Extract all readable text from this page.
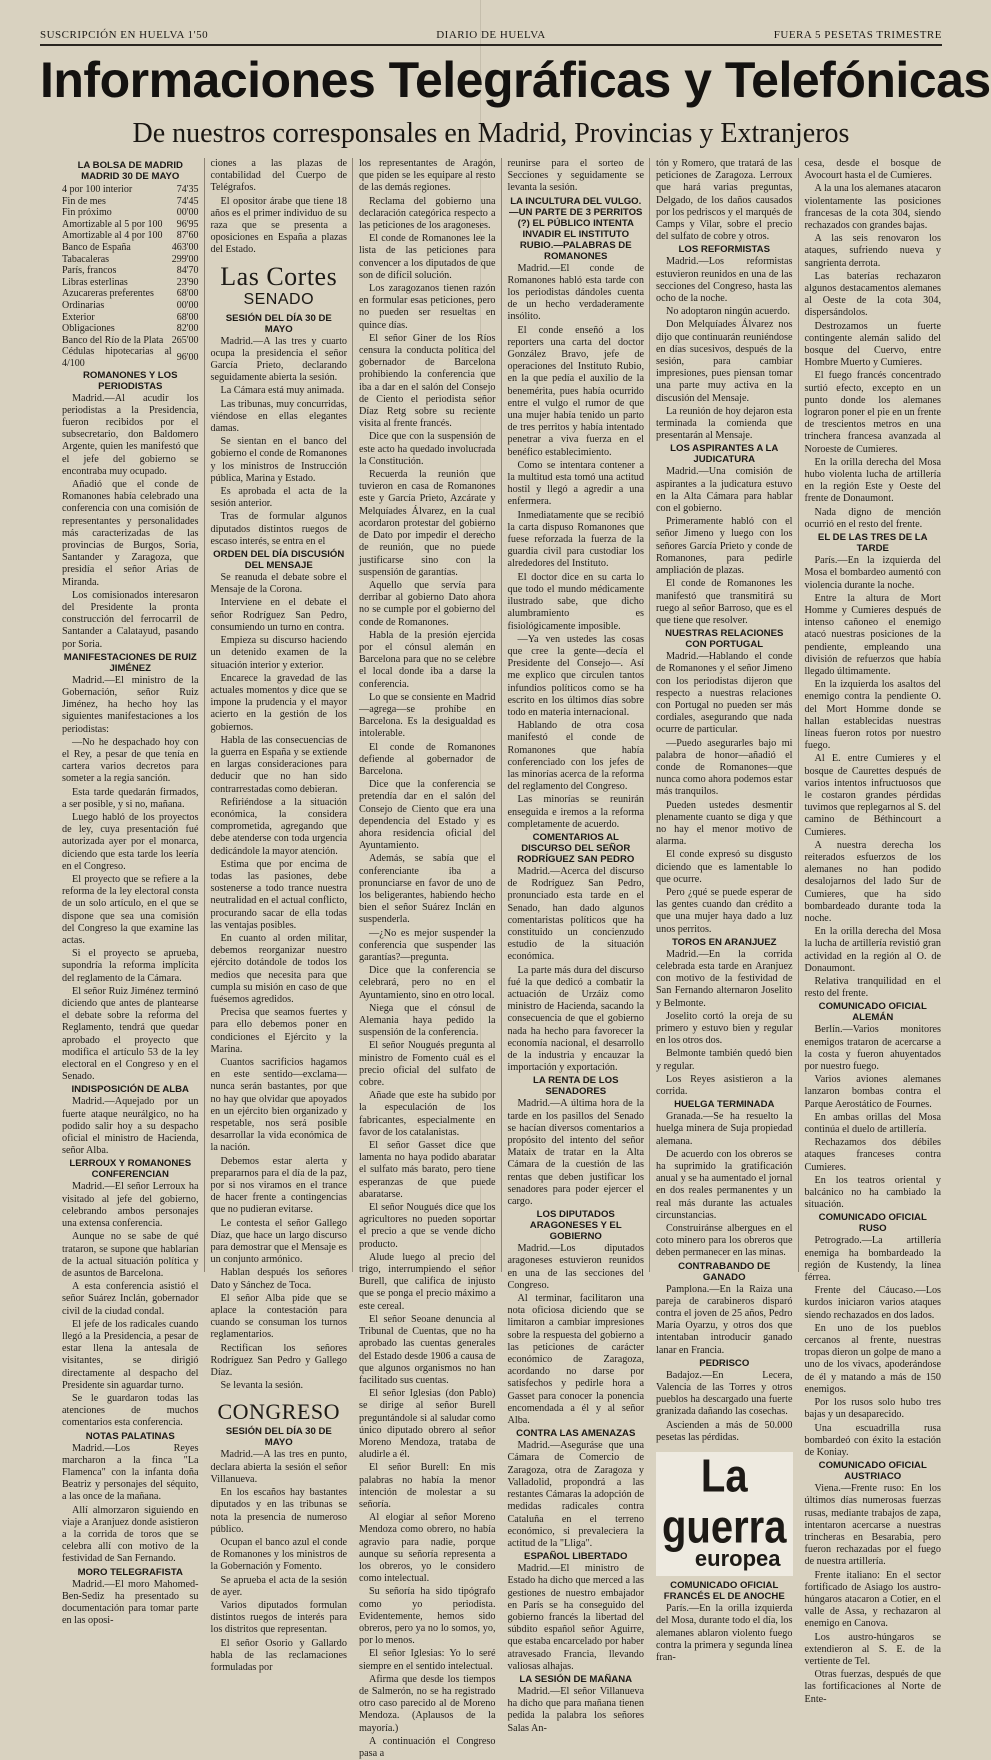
SUSCRIPCIÓN EN HUELVA 1'50	DIARIO DE HUELVA	FUERA 5 PESETAS TRIMESTRE
Informaciones Telegráficas y Telefónicas
De nuestros corresponsales en Madrid, Provincias y Extranjeros
LA BOLSA DE MADRID MADRID 30 DE MAYO
4 por 100 interior	74'35
Fin de mes	74'45
Fin próximo	00'00
Amortizable al 5 por 100	96'95
Amortizable al 4 por 100	87'60
Banco de España	463'00
Tabacaleras	299'00
París, francos	84'70
Libras esterlinas	23'90
Azucareras preferentes	68'00
Ordinarias	00'00
Exterior	68'00
Obligaciones	82'00
Banco del Río de la Plata	265'00
Cédulas hipotecarias al 4/100	96'00

ROMANONES Y LOS PERIODISTAS

Madrid.—Al acudir los periodistas a la Presidencia, fueron recibidos por el subsecretario, don Baldomero Argente, quien les manifestó que el jefe del gobierno se encontraba muy ocupado.

Añadió que el conde de Romanones había celebrado una conferencia con una comisión de representantes y personalidades más caracterizadas de las provincias de Burgos, Soria, Santander y Zaragoza, que presidía el señor Arias de Miranda.

Los comisionados interesaron del Presidente la pronta construcción del ferrocarril de Santander a Calatayud, pasando por Soria.

MANIFESTACIONES DE RUIZ JIMÉNEZ

Madrid.—El ministro de la Gobernación, señor Ruiz Jiménez, ha hecho hoy las siguientes manifestaciones a los periodistas:

—No he despachado hoy con el Rey, a pesar de que tenía en cartera varios decretos para someter a la regia sanción.

Esta tarde quedarán firmados, a ser posible, y si no, mañana.

Luego habló de los proyectos de ley, cuya presentación fué autorizada ayer por el monarca, diciendo que esta tarde los leería en el Congreso.

El proyecto que se refiere a la reforma de la ley electoral consta de un solo artículo, en el que se dispone que sea una comisión del Congreso la que examine las actas.

Si el proyecto se aprueba, supondría la reforma implícita del reglamento de la Cámara.

El señor Ruiz Jiménez terminó diciendo que antes de plantearse el debate sobre la reforma del Reglamento, tendrá que quedar aprobado el proyecto que modifica el artículo 53 de la ley electoral en el Congreso y en el Senado.

INDISPOSICIÓN DE ALBA

Madrid.—Aquejado por un fuerte ataque neurálgico, no ha podido salir hoy a su despacho oficial el ministro de Hacienda, señor Alba.

LERROUX Y ROMANONES CONFERENCIAN

Madrid.—El señor Lerroux ha visitado al jefe del gobierno, celebrando ambos personajes una extensa conferencia.

Aunque no se sabe de qué trataron, se supone que hablarían de la actual situación política y de asuntos de Barcelona.

A esta conferencia asistió el señor Suárez Inclán, gobernador civil de la ciudad condal.

El jefe de los radicales cuando llegó a la Presidencia, a pesar de estar llena la antesala de visitantes, se dirigió directamente al despacho del Presidente sin aguardar turno.

Se le guardaron todas las atenciones de muchos comentarios esta conferencia.

NOTAS PALATINAS

Madrid.—Los Reyes marcharon a la finca "La Flamenca" con la infanta doña Beatriz y personajes del séquito, a las once de la mañana.

Allí almorzaron siguiendo en viaje a Aranjuez donde asistieron a la corrida de toros que se celebra allí con motivo de la festividad de San Fernando.

MORO TELEGRAFISTA

Madrid.—El moro Mahomed-Ben-Sediz ha presentado su documentación para tomar parte en las oposi-

ciones a las plazas de contabilidad del Cuerpo de Telégrafos.

El opositor árabe que tiene 18 años es el primer individuo de su raza que se presenta a oposiciones en España a plazas del Estado.

Las Cortes
SENADO

SESIÓN DEL DÍA 30 DE MAYO

Madrid.—A las tres y cuarto ocupa la presidencia el señor García Prieto, declarando seguidamente abierta la sesión.

La Cámara está muy animada.

Las tribunas, muy concurridas, viéndose en ellas elegantes damas.

Se sientan en el banco del gobierno el conde de Romanones y los ministros de Instrucción pública, Marina y Estado.

Es aprobada el acta de la sesión anterior.

Tras de formular algunos diputados distintos ruegos de escaso interés, se entra en el

ORDEN DEL DÍA DISCUSIÓN DEL MENSAJE

Se reanuda el debate sobre el Mensaje de la Corona.

Interviene en el debate el señor Rodríguez San Pedro, consumiendo un turno en contra.

Empieza su discurso haciendo un detenido examen de la situación interior y exterior.

Encarece la gravedad de las actuales momentos y dice que se impone la prudencia y el mayor acierto en la gestión de los gobiernos.

Habla de las consecuencias de la guerra en España y se extiende en largas consideraciones para deducir que no han sido contrarrestadas como debieran.

Refiriéndose a la situación económica, la considera comprometida, agregando que debe atenderse con toda urgencia dedicándole la mayor atención.

Estima que por encima de todas las pasiones, debe sostenerse a todo trance nuestra neutralidad en el actual conflicto, procurando sacar de ella todas las ventajas posibles.

En cuanto al orden militar, debemos reorganizar nuestro ejército dotándole de todos los medios que necesita para que cumpla su misión en caso de que fuésemos agredidos.

Precisa que seamos fuertes y para ello debemos poner en condiciones el Ejército y la Marina.

Cuantos sacrificios hagamos en este sentido—exclama—nunca serán bastantes, por que no hay que olvidar que apoyados en un ejército bien organizado y respetable, nos será posible desarrollar la vida económica de la nación.

Debemos estar alerta y prepararnos para el día de la paz, por si nos viramos en el trance de hacer frente a contingencias que no pudieran evitarse.

Le contesta el señor Gallego Díaz, que hace un largo discurso para demostrar que el Mensaje es un conjunto armónico.

Hablan después los señores Dato y Sánchez de Toca.

El señor Alba pide que se aplace la contestación para cuando se consuman los turnos reglamentarios.

Rectifican los señores Rodríguez San Pedro y Gallego Díaz.

Se levanta la sesión.

CONGRESO

SESIÓN DEL DÍA 30 DE MAYO

Madrid.—A las tres en punto, declara abierta la sesión el señor Villanueva.

En los escaños hay bastantes diputados y en las tribunas se nota la presencia de numeroso público.

Ocupan el banco azul el conde de Romanones y los ministros de la Gobernación y Fomento.

Se aprueba el acta de la sesión de ayer.

Varios diputados formulan distintos ruegos de interés para los distritos que representan.

El señor Osorio y Gallardo habla de las reclamaciones formuladas por

los representantes de Aragón, que piden se les equipare al resto de las demás regiones.

Reclama del gobierno una declaración categórica respecto a las peticiones de los aragoneses.

El conde de Romanones lee la lista de las peticiones para convencer a los diputados de que son de difícil solución.

Los zaragozanos tienen razón en formular esas peticiones, pero no pueden ser resueltas en quince días.

El señor Giner de los Ríos censura la conducta política del gobernador de Barcelona prohibiendo la conferencia que iba a dar en el salón del Consejo de Ciento el periodista señor Díaz Retg sobre su reciente visita al frente francés.

Dice que con la suspensión de este acto ha quedado involucrada la Constitución.

Recuerda la reunión que tuvieron en casa de Romanones este y García Prieto, Azcárate y Melquíades Álvarez, en la cual acordaron protestar del gobierno de Dato por impedir el derecho de reunión, que no puede justificarse sino con la suspensión de garantías.

Aquello que servía para derribar al gobierno Dato ahora no se cumple por el gobierno del conde de Romanones.

Habla de la presión ejercida por el cónsul alemán en Barcelona para que no se celebre el local donde iba a darse la conferencia.

Lo que se consiente en Madrid—agrega—se prohíbe en Barcelona. Es la desigualdad es intolerable.

El conde de Romanones defiende al gobernador de Barcelona.

Dice que la conferencia se pretendía dar en el salón del Consejo de Ciento que era una dependencia del Estado y es ahora residencia oficial del Ayuntamiento.

Además, se sabía que el conferenciante iba a pronunciarse en favor de uno de los beligerantes, habiendo hecho bien el señor Suárez Inclán en suspenderla.

—¿No es mejor suspender la conferencia que suspender las garantías?—pregunta.

Dice que la conferencia se celebrará, pero no en el Ayuntamiento, sino en otro local.

Niega que el cónsul de Alemania haya pedido la suspensión de la conferencia.

El señor Nougués pregunta al ministro de Fomento cuál es el precio oficial del sulfato de cobre.

Añade que este ha subido por la especulación de los fabricantes, especialmente en favor de los catalanistas.

El señor Gasset dice que lamenta no haya podido abaratar el sulfato más barato, pero tiene esperanzas de que puede abaratarse.

El señor Nougués dice que los agricultores no pueden soportar el precio a que se vende dicho producto.

Alude luego al precio del trigo, interrumpiendo el señor Burell, que califica de injusto que se ponga el precio máximo a este cereal.

El señor Seoane denuncia al Tribunal de Cuentas, que no ha aprobado las cuentas generales del Estado desde 1906 a causa de que algunos organismos no han facilitado sus cuentas.

El señor Iglesias (don Pablo) se dirige al señor Burell preguntándole si al saludar como único diputado obrero al señor Moreno Mendoza, trataba de aludirle a él.

El señor Burell: En mis palabras no había la menor intención de molestar a su señoría.

Al elogiar al señor Moreno Mendoza como obrero, no había agravio para nadie, porque aunque su señoría representa a los obreros, yo le considero como intelectual.

Su señoría ha sido tipógrafo como yo periodista. Evidentemente, hemos sido obreros, pero ya no lo somos, yo, por lo menos.

El señor Iglesias: Yo lo seré siempre en el sentido intelectual.

Afirma que desde los tiempos de Salmerón, no se ha registrado otro caso parecido al de Moreno Mendoza. (Aplausos de la mayoría.)

A continuación el Congreso pasa a

reunirse para el sorteo de Secciones y seguidamente se levanta la sesión.

LA INCULTURA DEL VULGO.—UN PARTE DE 3 PERRITOS (?) EL PÚBLICO INTENTA INVADIR EL INSTITUTO RUBIO.—PALABRAS DE ROMANONES

Madrid.—El conde de Romanones habló esta tarde con los periodistas dándoles cuenta de un hecho verdaderamente insólito.

El conde enseñó a los reporters una carta del doctor González Bravo, jefe de operaciones del Instituto Rubio, en la que pedía el auxilio de la benemérita, pues había ocurrido entre el vulgo el rumor de que una mujer había tenido un parto de tres perritos y había intentado penetrar a viva fuerza en el benéfico establecimiento.

Como se intentara contener a la multitud esta tomó una actitud hostil y llegó a agredir a una enfermera.

Inmediatamente que se recibió la carta dispuso Romanones que fuese reforzada la fuerza de la guardia civil para custodiar los alrededores del Instituto.

El doctor dice en su carta lo que todo el mundo médicamente ilustrado sabe, que dicho alumbramiento es fisiológicamente imposible.

—Ya ven ustedes las cosas que cree la gente—decía el Presidente del Consejo—. Así me explico que circulen tantos infundios políticos como se ha escrito en los últimos días sobre todo en materia internacional.

Hablando de otra cosa manifestó el conde de Romanones que había conferenciado con los jefes de las minorías acerca de la reforma del reglamento del Congreso.

Las minorías se reunirán enseguida e iremos a la reforma completamente de acuerdo.

COMENTARIOS AL DISCURSO DEL SEÑOR RODRÍGUEZ SAN PEDRO

Madrid.—Acerca del discurso de Rodríguez San Pedro, pronunciado esta tarde en el Senado, han dado algunos comentaristas políticos que ha constituido un concienzudo estudio de la situación económica.

La parte más dura del discurso fué la que dedicó a combatir la actuación de Urzáiz como ministro de Hacienda, sacando la consecuencia de que el gobierno nada ha hecho para favorecer la economía nacional, el desarrollo de la industria y encauzar la importación y exportación.

LA RENTA DE LOS SENADORES

Madrid.—A última hora de la tarde en los pasillos del Senado se hacían diversos comentarios a propósito del intento del señor Mataix de tratar en la Alta Cámara de la cuestión de las rentas que deben justificar los senadores para poder ejercer el cargo.

LOS DIPUTADOS ARAGONESES Y EL GOBIERNO

Madrid.—Los diputados aragoneses estuvieron reunidos en una de las secciones del Congreso.

Al terminar, facilitaron una nota oficiosa diciendo que se limitaron a cambiar impresiones sobre la respuesta del gobierno a las peticiones de carácter económico de Zaragoza, acordando no darse por satisfechos y pedirle hora a Gasset para conocer la ponencia encomendada a él y al señor Alba.

CONTRA LAS AMENAZAS

Madrid.—Aseguráse que una Cámara de Comercio de Zaragoza, otra de Zaragoza y Valladolid, propondrá a las restantes Cámaras la adopción de medidas radicales contra Cataluña en el terreno económico, si prevaleciera la actitud de la "Lliga".

ESPAÑOL LIBERTADO

Madrid.—El ministro de Estado ha dicho que merced a las gestiones de nuestro embajador en París se ha conseguido del gobierno francés la libertad del súbdito español señor Aguirre, que estaba encarcelado por haber atravesado Francia, llevando valiosas alhajas.

LA SESIÓN DE MAÑANA

Madrid.—El señor Villanueva ha dicho que para mañana tienen pedida la palabra los señores Salas An-

tón y Romero, que tratará de las peticiones de Zaragoza. Lerroux que hará varias preguntas, Delgado, de los daños causados por los pedriscos y el marqués de Camps y Vilar, sobre el precio del sulfato de cobre y otros.

LOS REFORMISTAS

Madrid.—Los reformistas estuvieron reunidos en una de las secciones del Congreso, hasta las ocho de la noche.

No adoptaron ningún acuerdo.

Don Melquíades Álvarez nos dijo que continuarán reuniéndose en días sucesivos, después de la sesión, para cambiar impresiones, pues piensan tomar una parte muy activa en la discusión del Mensaje.

La reunión de hoy dejaron esta terminada la comienda que presentarán al Mensaje.

LOS ASPIRANTES A LA JUDICATURA

Madrid.—Una comisión de aspirantes a la judicatura estuvo en la Alta Cámara para hablar con el gobierno.

Primeramente habló con el señor Jimeno y luego con los señores García Prieto y conde de Romanones, para pedirle ampliación de plazas.

El conde de Romanones les manifestó que transmitirá su ruego al señor Barroso, que es el que tiene que resolver.

NUESTRAS RELACIONES CON PORTUGAL

Madrid.—Hablando el conde de Romanones y el señor Jimeno con los periodistas dijeron que respecto a nuestras relaciones con Portugal no pueden ser más cordiales, asegurando que nada ocurre de particular.

—Puedo asegurarles bajo mi palabra de honor—añadió el conde de Romanones—que nunca como ahora podemos estar más tranquilos.

Pueden ustedes desmentir plenamente cuanto se diga y que no hay el menor motivo de alarma.

El conde expresó su disgusto diciendo que es lamentable lo que ocurre.

Pero ¿qué se puede esperar de las gentes cuando dan crédito a que una mujer haya dado a luz unos perritos.

TOROS EN ARANJUEZ

Madrid.—En la corrida celebrada esta tarde en Aranjuez con motivo de la festividad de San Fernando alternaron Joselito y Belmonte.

Joselito cortó la oreja de su primero y estuvo bien y regular en los otros dos.

Belmonte también quedó bien y regular.

Los Reyes asistieron a la corrida.

HUELGA TERMINADA

Granada.—Se ha resuelto la huelga minera de Suja propiedad alemana.

De acuerdo con los obreros se ha suprimido la gratificación anual y se ha aumentado el jornal en dos reales permanentes y un real más durante las actuales circunstancias.

Construiránse albergues en el coto minero para los obreros que deben permanecer en las minas.

CONTRABANDO DE GANADO

Pamplona.—En la Raiza una pareja de carabineros disparó contra el joven de 25 años, Pedro María Oyarzu, y otros dos que intentaban introducir ganado lanar en Francia.

PEDRISCO

Badajoz.—En Lecera, Valencia de las Torres y otros pueblos ha descargado una fuerte granizada dañando las cosechas.

Ascienden a más de 50.000 pesetas las pérdidas.

La guerra
europea

COMUNICADO OFICIAL FRANCÉS EL DE ANOCHE

París.—En la orilla izquierda del Mosa, durante todo el día, los alemanes ablaron violento fuego contra la primera y segunda línea fran-

cesa, desde el bosque de Avocourt hasta el de Cumieres.

A la una los alemanes atacaron violentamente las posiciones francesas de la cota 304, siendo rechazados con grandes bajas.

A las seis renovaron los ataques, sufriendo nueva y sangrienta derrota.

Las baterías rechazaron algunos destacamentos alemanes al Oeste de la cota 304, dispersándolos.

Destrozamos un fuerte contingente alemán salido del bosque del Cuervo, entre Hombre Muerto y Cumieres.

El fuego francés concentrado surtió efecto, excepto en un punto donde los alemanes lograron poner el pie en un frente de trescientos metros en una trinchera francesa avanzada al Noroeste de Cumieres.

En la orilla derecha del Mosa hubo violenta lucha de artillería en la región Este y Oeste del frente de Donaumont.

Nada digno de mención ocurrió en el resto del frente.

EL DE LAS TRES DE LA TARDE

París.—En la izquierda del Mosa el bombardeo aumentó con violencia durante la noche.

Entre la altura de Mort Homme y Cumieres después de intenso cañoneo el enemigo atacó nuestras posiciones de la pendiente, empleando una división de refuerzos que había llegado últimamente.

En la izquierda los asaltos del enemigo contra la pendiente O. del Mort Homme donde se hallan establecidas nuestras líneas fueron rotos por nuestro fuego.

Al E. entre Cumieres y el bosque de Caurettes después de varios intentos infructuosos que le costaron grandes pérdidas tuvimos que replegarnos al S. del camino de Béthincourt a Cumieres.

A nuestra derecha los reiterados esfuerzos de los alemanes no han podido desalojarnos del lado Sur de Cumieres, que ha sido bombardeado durante toda la noche.

En la orilla derecha del Mosa la lucha de artillería revistió gran actividad en la región al O. de Donaumont.

Relativa tranquilidad en el resto del frente.

COMUNICADO OFICIAL ALEMÁN

Berlín.—Varios monitores enemigos trataron de acercarse a la costa y fueron ahuyentados por nuestro fuego.

Varios aviones alemanes lanzaron bombas contra el Parque Aerostático de Fournes.

En ambas orillas del Mosa continúa el duelo de artillería.

Rechazamos dos débiles ataques franceses contra Cumieres.

En los teatros oriental y balcánico no ha cambiado la situación.

COMUNICADO OFICIAL RUSO

Petrogrado.—La artillería enemiga ha bombardeado la región de Kustendy, la línea férrea.

Frente del Cáucaso.—Los kurdos iniciaron varios ataques siendo rechazados en dos lados.

En uno de los pueblos cercanos al frente, nuestras tropas dieron un golpe de mano a uno de los vivacs, apoderándose de él y matando a más de 150 enemigos.

Por los rusos solo hubo tres bajas y un desaparecido.

Una escuadrilla rusa bombardeó con éxito la estación de Koniay.

COMUNICADO OFICIAL AUSTRIACO

Viena.—Frente ruso: En los últimos días numerosas fuerzas rusas, mediante trabajos de zapa, intentaron acercarse a nuestras trincheras en Besarabia, pero fueron rechazadas por el fuego de nuestra artillería.

Frente italiano: En el sector fortificado de Asiago los austro-húngaros atacaron a Cotier, en el valle de Assa, y rechazaron al enemigo en Canova.

Los austro-húngaros se extendieron al S. E. de la vertiente de Tel.

Otras fuerzas, después de que las fortificaciones al Norte de Ente-
